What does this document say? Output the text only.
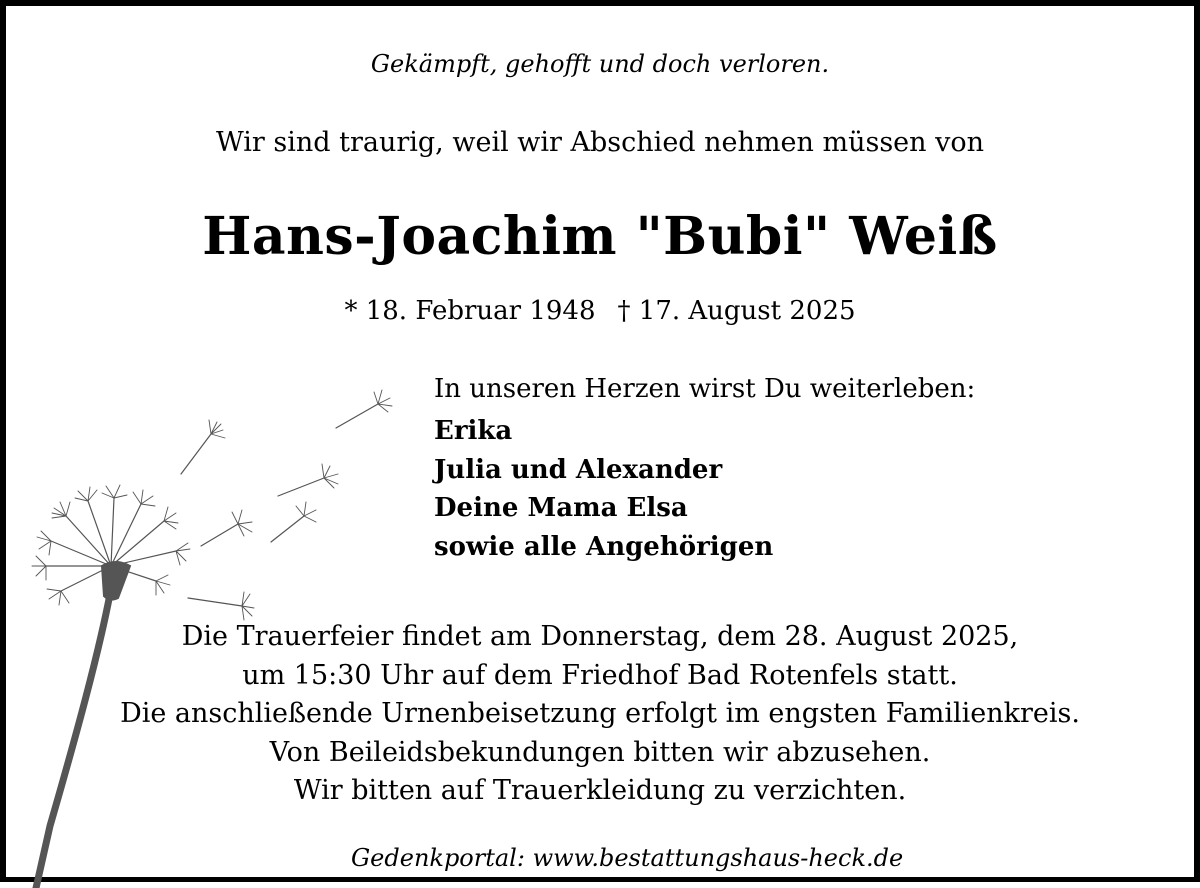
Gekämpft, gehofft und doch verloren.
Wir sind traurig, weil wir Abschied nehmen müssen von
Hans-Joachim "Bubi" Weiß
* 18. Februar 1948 † 17. August 2025
In unseren Herzen wirst Du weiterleben:
Erika
Julia und Alexander
Deine Mama Elsa
sowie alle Angehörigen
Die Trauerfeier findet am Donnerstag, dem 28. August 2025,
um 15:30 Uhr auf dem Friedhof Bad Rotenfels statt.
Die anschließende Urnenbeisetzung erfolgt im engsten Familienkreis.
Von Beileidsbekundungen bitten wir abzusehen.
Wir bitten auf Trauerkleidung zu verzichten.
Gedenkportal: www.bestattungshaus-heck.de
